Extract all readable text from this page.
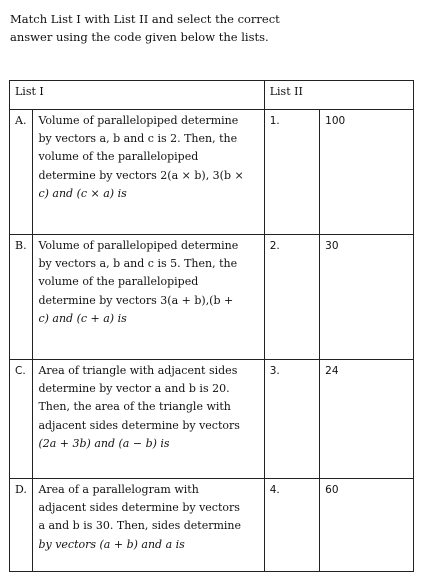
Match List I with List II and select the correct
answer using the code given below the lists.
List I		List II	
A.	Volume of parallelopiped determine
by vectors a, b and c is 2. Then, the
volume of the parallelopiped
determine by vectors 2(a × b), 3(b ×
c) and (c × a) is	1.	100
B.	Volume of parallelopiped determine
by vectors a, b and c is 5. Then, the
volume of the parallelopiped
determine by vectors 3(a + b),(b +
c) and (c + a) is	2.	30
C.	Area of triangle with adjacent sides
determine by vector a and b is 20.
Then, the area of the triangle with
adjacent sides determine by vectors
(2a + 3b) and (a − b) is	3.	24
D.	Area of a parallelogram with
adjacent sides determine by vectors
a and b is 30. Then, sides determine
by vectors (a + b) and a is	4.	60
